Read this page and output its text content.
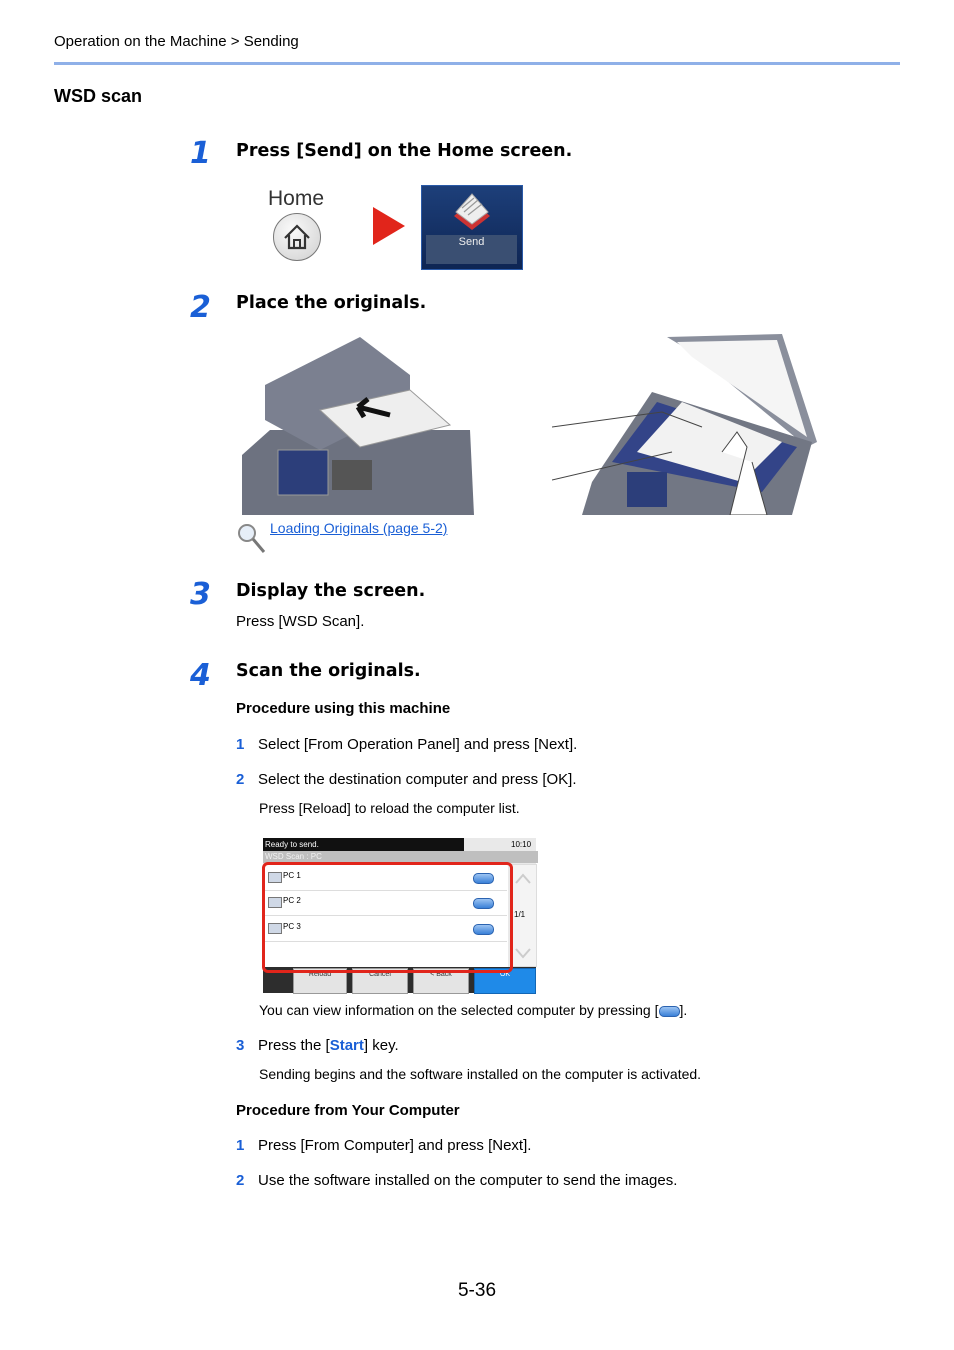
Operation on the Machine > Sending
WSD scan
1 Press [Send] on the Home screen.
Home
Send
2 Place the originals.
Loading Originals (page 5-2)
3 Display the screen.
Press [WSD Scan].
4 Scan the originals.
Procedure using this machine
1 Select [From Operation Panel] and press [Next].
2 Select the destination computer and press [OK].
Press [Reload] to reload the computer list.
Ready to send.	10:10
WSD Scan : PC
PC 1
PC 2
PC 3
1/1
Reload	Cancel	< Back	OK
You can view information on the selected computer by pressing [ ].
3 Press the [Start] key.
Sending begins and the software installed on the computer is activated.
Procedure from Your Computer
1 Press [From Computer] and press [Next].
2 Use the software installed on the computer to send the images.
5-36
